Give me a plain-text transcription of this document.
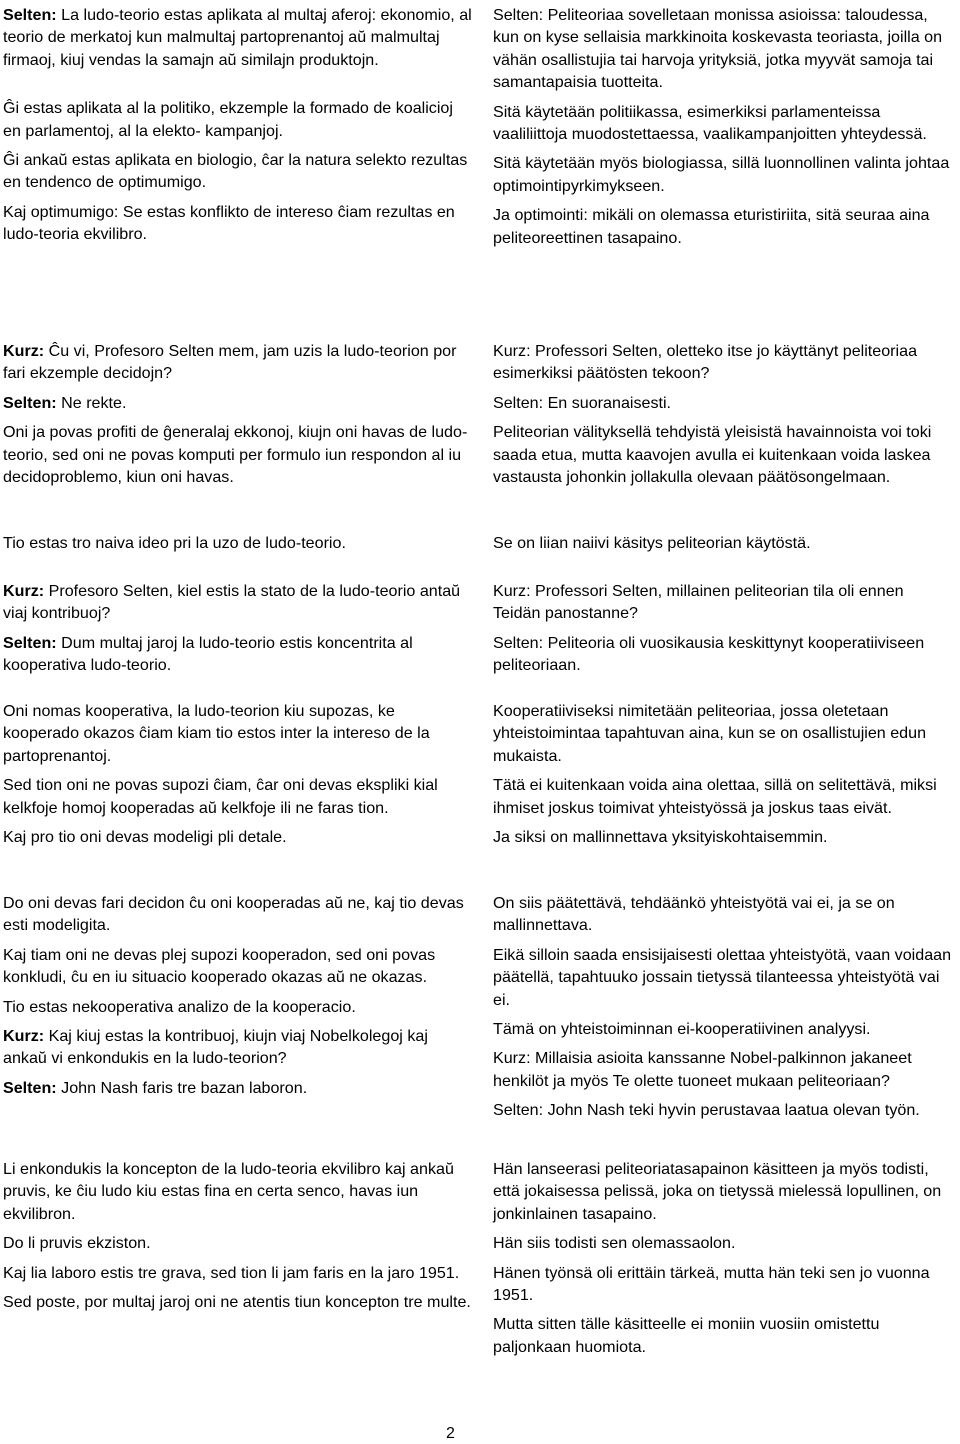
Selten: La ludo-teorio estas aplikata al multaj aferoj: ekonomio, al teorio de merkatoj kun malmultaj partoprenantoj aŭ malmultaj firmaoj, kiuj vendas la samajn aŭ similajn produktojn.

Ĝi estas aplikata al la politiko, ekzemple la formado de koalicioj en parlamentoj, al la elekto- kampanjoj.

Ĝi ankaŭ estas aplikata en biologio, ĉar la natura selekto rezultas en tendenco de optimumigo.

Kaj optimumigo: Se estas konflikto de intereso ĉiam rezultas en ludo-teoria ekvilibro.

Selten: Peliteoriaa sovelletaan monissa asioissa: taloudessa, kun on kyse sellaisia markkinoita koskevasta teoriasta, joilla on vähän osallistujia tai harvoja yrityksiä, jotka myyvät samoja tai samantapaisia tuotteita.

Sitä käytetään politiikassa, esimerkiksi parlamenteissa vaaliliittoja muodostettaessa, vaalikampanjoitten yhteydessä.

Sitä käytetään myös biologiassa, sillä luonnollinen valinta johtaa optimointipyrkimykseen.

Ja optimointi: mikäli on olemassa eturistiriita, sitä seuraa aina peliteoreettinen tasapaino.

Kurz: Ĉu vi, Profesoro Selten mem, jam uzis la ludo-teorion por fari ekzemple decidojn?

Selten: Ne rekte.

Oni ja povas profiti de ĝeneralaj ekkonoj, kiujn oni havas de ludo-teorio, sed oni ne povas komputi per formulo iun respondon al iu decidoproblemo, kiun oni havas.

Kurz: Professori Selten, oletteko itse jo käyttänyt peliteoriaa esimerkiksi päätösten tekoon?

Selten: En suoranaisesti.

Peliteorian välityksellä tehdyistä yleisistä havainnoista voi toki saada etua, mutta kaavojen avulla ei kuitenkaan voida laskea vastausta johonkin jollakulla olevaan päätösongelmaan.

Tio estas tro naiva ideo pri la uzo de ludo-teorio.	Se on liian naiivi käsitys peliteorian käytöstä.

Kurz: Profesoro Selten, kiel estis la stato de la ludo-teorio antaŭ viaj kontribuoj?

Selten: Dum multaj jaroj la ludo-teorio estis koncentrita al kooperativa ludo-teorio.

Kurz: Professori Selten, millainen peliteorian tila oli ennen Teidän panostanne?

Selten: Peliteoria oli vuosikausia keskittynyt kooperatiiviseen peliteoriaan.

Oni nomas kooperativa, la ludo-teorion kiu supozas, ke kooperado okazos ĉiam kiam tio estos inter la intereso de la partoprenantoj.

Sed tion oni ne povas supozi ĉiam, ĉar oni devas ekspliki kial kelkfoje homoj kooperadas aŭ kelkfoje ili ne faras tion.

Kaj pro tio oni devas modeligi pli detale.

Kooperatiiviseksi nimitetään peliteoriaa, jossa oletetaan yhteistoimintaa tapahtuvan aina, kun se on osallistujien edun mukaista.

Tätä ei kuitenkaan voida aina olettaa, sillä on selitettävä, miksi ihmiset joskus toimivat yhteistyössä ja joskus taas eivät.

Ja siksi on mallinnettava yksityiskohtaisemmin.

Do oni devas fari decidon ĉu oni kooperadas aŭ ne, kaj tio devas esti modeligita.

Kaj tiam oni ne devas plej supozi kooperadon, sed oni povas konkludi, ĉu en iu situacio kooperado okazas aŭ ne okazas.

Tio estas nekooperativa analizo de la kooperacio.

Kurz: Kaj kiuj estas la kontribuoj, kiujn viaj Nobelkolegoj kaj ankaŭ vi enkondukis en la ludo-teorion?

Selten: John Nash faris tre bazan laboron.

On siis päätettävä, tehdäänkö yhteistyötä vai ei, ja se on mallinnettava.

Eikä silloin saada ensisijaisesti olettaa yhteistyötä, vaan voidaan päätellä, tapahtuuko jossain tietyssä tilanteessa yhteistyötä vai ei.

Tämä on yhteistoiminnan ei-kooperatiivinen analyysi.

Kurz: Millaisia asioita kanssanne Nobel-palkinnon jakaneet henkilöt ja myös Te olette tuoneet mukaan peliteoriaan?

Selten: John Nash teki hyvin perustavaa laatua olevan työn.

Li enkondukis la koncepton de la ludo-teoria ekvilibro kaj ankaŭ pruvis, ke ĉiu ludo kiu estas fina en certa senco, havas iun ekvilibron.

Do li pruvis ekziston.

Kaj lia laboro estis tre grava, sed tion li jam faris en la jaro 1951.

Sed poste, por multaj jaroj oni ne atentis tiun koncepton tre multe.

Hän lanseerasi peliteoriatasapainon käsitteen ja myös todisti, että jokaisessa pelissä, joka on tietyssä mielessä lopullinen, on jonkinlainen tasapaino.

Hän siis todisti sen olemassaolon.

Hänen työnsä oli erittäin tärkeä, mutta hän teki sen jo vuonna 1951.

Mutta sitten tälle käsitteelle ei moniin vuosiin omistettu paljonkaan huomiota.

2
